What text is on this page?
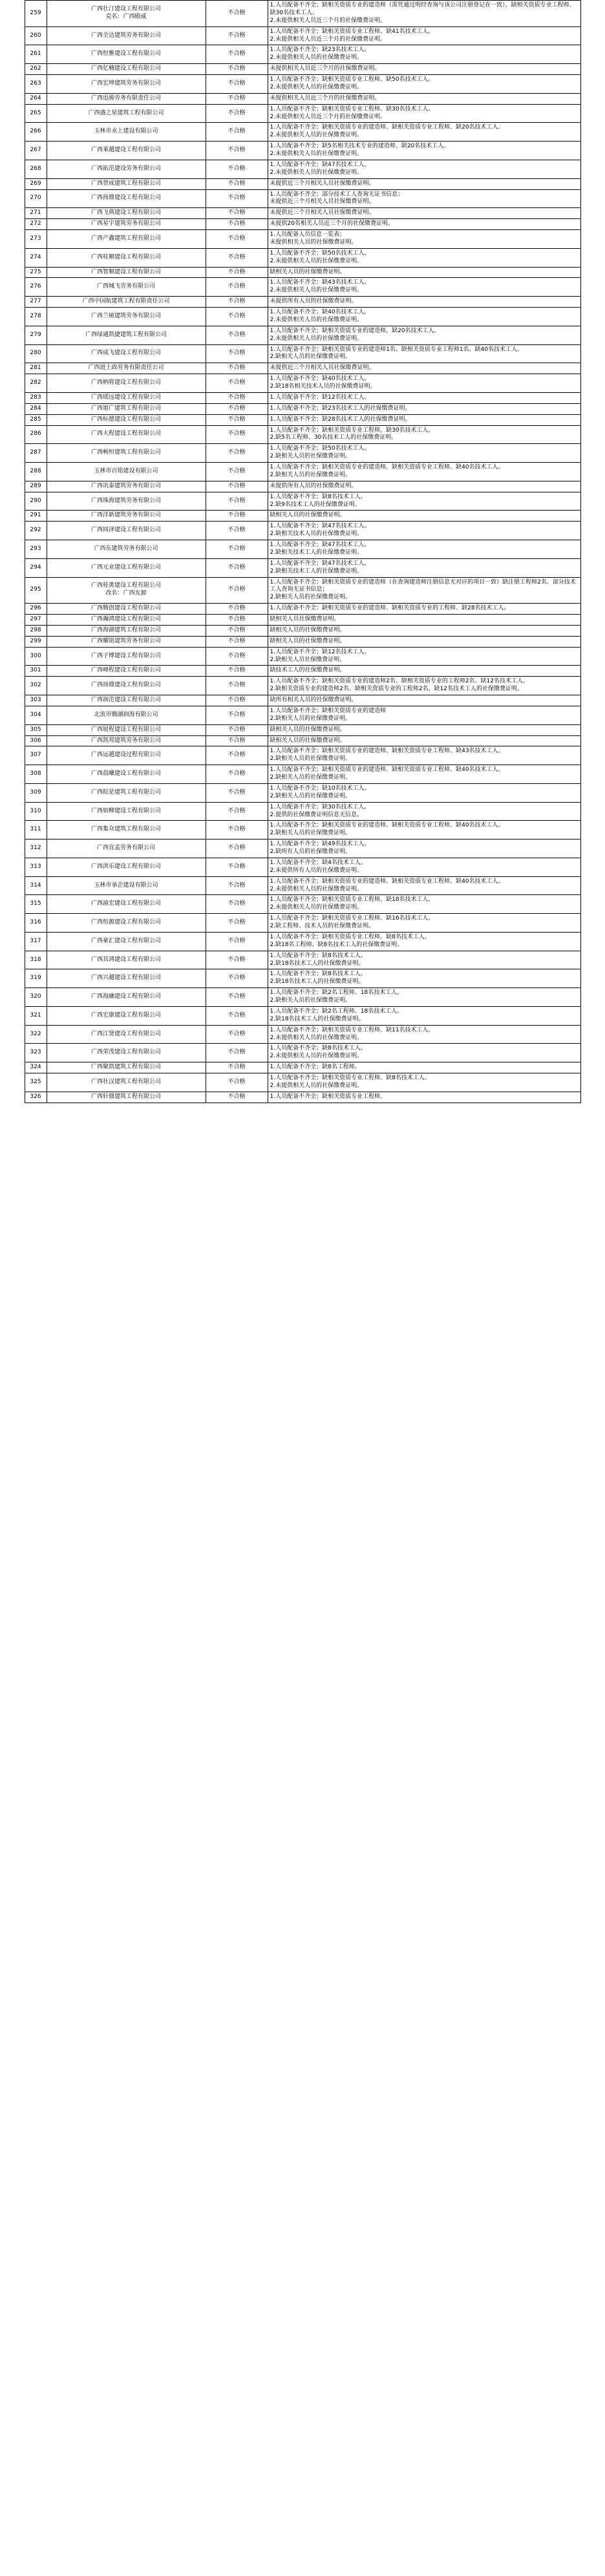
259	广西壮汀建设工程有限公司
克名：广西殿威	不合格	1.人员配备不齐全；缺相关资质专业的建造师（需凭通过明经查询与该公司注册登记在一致）、缺相关资质专业工程师、缺30名技术工人。
2.未提供相关人员近三个月的社保缴费证明。

260	广西全达建筑劳务有限公司	不合格	1.人员配备不齐全；缺相关资质专业工程师、缺41名技术工人。
2.未提供相关人员近三个月的社保缴费证明。

261	广西恒雅建设工程有限公司	不合格	1.人员配备不齐全；缺23名技术工人。
2.未提供相关人员的社保缴费证明。

262	广西忆楠建设工程有限公司	不合格	未提供相关人员近三个月的社保缴费证明。

263	广西宏坤建筑劳务有限公司	不合格	1.人员配备不齐全；缺相关资质专业工程师、缺50名技术工人。
2.未提供相关人员的社保缴费证明。

264	广西迅骏劳务有限责任公司	不合格	未提供相关人员近三个月的社保缴费证明。

265	广西盛之星建筑工程有限公司	不合格	1.人员配备不齐全；缺相关资质专业工程师、缺30名技术工人。
2.未提供相关人员近三个月的社保缴费证明。

266	玉林市永上建设有限公司	不合格	1.人员配备不齐全；缺相关资质专业的建造师、缺相关资质专业工程师、缺20名技术工人。
2.未提供相关人员的社保缴费证明。

267	广西莱越建设工程有限公司	不合格	1.人员配备不齐全；缺5名相关技术专业的建造师、缺20名技术工人。
2.未提供相关人员的社保缴费证明。

268	广西拓范建设劳务有限公司	不合格	1.人员配备不齐全；缺47名技术工人。
2.未提供相关人员的社保缴费证明。

269	广西贺成建筑工程有限公司	不合格	未提供近三个月相关人员社保缴费证明。

270	广西扬鼎建设工程有限公司	不合格	1.人员配备不齐全；部分技术工人查询无证书信息；
未提供近三个月相关人员社保缴费证明。

271	广西飞典建设工程有限公司	不合格	未提供近三个月相关人员社保缴费证明。

272	广西星宇建筑劳务有限公司	不合格	未提供20名相关人员近三个月的社保缴费证明。

273	广西产鑫建筑工程有限公司	不合格	1.人员配备人员信息一览表；
未提供相关人员的社保缴费证明。

274	广西桂顺建设工程有限公司	不合格	1.人员配备不齐全；缺50名技术工人。
2.未提供相关人员的社保缴费证明。

275	广西智顺建设工程有限公司	不合格	缺相关人员的社保缴费证明。

276	广西城飞劳务有限公司	不合格	1.人员配备不齐全；缺43名技术工人。
2.未提供相关人员的社保缴费证明。

277	广西中国航建筑工程有限责任公司	不合格	未提供所有人员的社保缴费证明。

278	广西兰硕建筑劳务有限公司	不合格	1.人员配备不齐全；缺40名技术工人。
2.未提供相关人员的社保缴费证明。

279	广西绿通凯捷建筑工程有限公司	不合格	1.人员配备不齐全；缺相关资质专业的建造师，缺20名技术工人。
2.未提供相关人员的社保缴费证明。

280	广西成飞建设工程有限公司	不合格	1.人员配备不齐全；缺相关资质专业的建造师1名、缺相关资质专业工程师1名、缺40名技术工人。
2.缺相关人员的社保缴费证明。

281	广西进上政劳务有限责任公司	不合格	未提供近三个月相关人员社保缴费证明。

282	广西柄将建设工程有限公司	不合格	1.人员配备不齐全；缺40名技术工人。
2.缺18名相关技术人员的社保缴费证明。

283	广西瑶远建设工程有限公司	不合格	1.人员配备不齐全；缺12名技术工人。

284	广西旭广建筑工程有限公司	不合格	1.人员配备不齐全；缺23名技术工人的社保缴费证明。

285	广西标德建设工程有限公司	不合格	1.人员配备不齐全；缺28名技术工人的社保缴费证明。

286	广西大程建设工程有限公司	不合格	1.人员配备不齐全；缺相关资质专业工程师，缺30名技术工人。
2.缺5名工程师、30名技术工人的社保缴费证明。

287	广西畅恒建筑工程有限公司	不合格	1.人员配备不齐全；缺50名技术工人。
2.缺相关人员的社保缴费证明。

288	玉林市百铭建设有限公司	不合格	1.人员配备不齐全；缺相关资质专业的建造师，缺相关资质专业工程师、缺40名技术工人。
2.缺相关人员的社保缴费证明。

289	广西讯泰建筑劳务有限公司	不合格	未提供所有人员的社保缴费证明。

290	广西珠海建筑劳务有限公司	不合格	1.人员配备不齐全；缺8名技术工人。
2.缺9名技术工人的社保缴费证明。

291	广西洋新建筑劳务有限公司	不合格	缺相关人员的社保缴费证明。

292	广西同泽建设工程有限公司	不合格	1.人员配备不齐全；缺47名技术工人。
2.缺相关技术人员的社保缴费证明。

293	广西东建筑劳务有限公司	不合格	1.人员配备不齐全；缺47名技术工人。
2.缺相关技术工人的社保缴费证明。

294	广西元业建设工程有限公司	不合格	1.人员配备不齐全；缺47名技术工人。
2.缺相关技术工人的社保缴费证明。

295	广西桂黄建设工程有限公司
改名：广西友源	不合格	1.人员配备不齐全；缺相关资质专业的建造师（在查询建造师注册信息无对应的项目一致）缺注册工程师2名、部分技术工人查询无证书信息；
2.缺相关人员的社保缴费证明。

296	广西腾创建设工程有限公司	不合格	1.人员配备不齐全；缺相关资质专业的建造师、缺相关资质专业的工程师、缺28名技术工人。

297	广西瀚鸿建设工程有限公司	不合格	缺相关人员社保缴费证明。

298	广西海湖建筑工程有限公司	不合格	缺相关人员的社保缴费证明。

299	广西耀铭建筑劳务有限公司	不合格	缺相关人员的社保缴费证明。

300	广西子博建设工程有限公司	不合格	1.人员配备不齐全；缺12名技术工人。
2.缺相关人员社保缴费证明。

301	广西峰程建设工程有限公司	不合格	缺技术工人的社保缴费证明。

302	广西扬鼎建设工程有限公司	不合格	1.人员配备不齐全；缺相关资质专业的建造师2名、缺相关资质专业的工程师2名、缺12名技术工人。
2.缺相关资质专业的建造师2名、缺相关资质专业的工程师2名、缺12名技术工人的社保缴费证明。

303	广西润范建设工程有限公司	不合格	缺所有相关人员的社保缴费证明。

304	北流市腾湖润海有限公司	不合格	1.人员配备不齐全；缺相关资质专业的建造师
2.缺相关人员的社保缴费证明。

305	广西展程建设工程有限公司	不合格	缺相关人员的社保缴费证明。

306	广西凯邦建筑劳务有限公司	不合格	缺相关人员的社保缴费证明。

307	广西运越建设过程有限公司	不合格	1.人员配备不齐全；缺相关资质专业的建造师、缺相关资质专业工程师、缺43名技术工人。
2.缺相关人员的社保缴费证明。

308	广西晨曦建设工程有限公司	不合格	1.人员配备不齐全；缺相关资质专业的建造师、缺相关资质专业工程师、缺40名技术工人。
2.缺相关人员的社保缴费证明。

309	广西皖是建筑工程有限公司	不合格	1.人员配备不齐全；缺10名技术工人。
2.缺相关人员的社保缴费证明。

310	广西如柳建设工程有限公司	不合格	1.人员配备不齐全；缺30名技术工人。
2.提供的社保缴费证明信息无信息。

311	广西集众建筑工程有限公司	不合格	1.人员配备不齐全；缺相关资质专业的建造师、缺相关资质专业工程师、缺40名技术工人。
2.缺相关人员的社保缴费证明。

312	广西宜孟劳务有限公司	不合格	1.人员配备不齐全；缺49名技术工人。
2.缺所有人员的社保缴费证明。

313	广西洪乐建设工程有限公司	不合格	1.人员配备不齐全；缺4名技术工人。
2.未提供所有人员的社保缴费证明。

314	玉林市承企建设有限公司	不合格	1.人员配备不齐全；缺相关资质专业的建造师、缺相关资质专业工程师、缺40名技术工人。
2.未提供相关人员的社保缴费证明。

315	广西渝宏建设工程有限公司	不合格	1.人员配备不齐全；缺相关资质专业工程师、缺18名技术工人。
2.未提供相关人员的社保缴费证明。

316	广西恒源建设工程有限公司	不合格	1.人员配备不齐全；缺相关资质专业工程师、缺16名技术工人。
2.缺工程师、技术人员的社保缴费证明。

317	广西豪汇建设工程有限公司	不合格	1.人员配备不齐全；缺相关资质专业工程师、缺8名技术工人。
2.缺18名工程师、缺8名技术工人的社保缴费证明。

318	广西其鸿建设工程有限公司	不合格	1.人员配备不齐全；缺8名技术工人。
2.缺18名技术工人的社保缴费证明。

319	广西兴越建设工程有限公司	不合格	1.人员配备不齐全；缺8名技术工人。
2.缺18名技术工人的社保缴费证明。

320	广西海融建设工程有限公司	不合格	1.人员配备不齐全；缺2名工程师、18名技术工人。
2.缺相关人员的社保缴费证明。

321	广西宏康建设工程有限公司	不合格	1.人员配备不齐全；缺2名工程师、18名技术工人。
2.缺18名技术工人的社保缴费证明。

322	广西江贤建设工程有限公司	不合格	1.人员配备不齐全；缺相关资质专业工程师、缺11名技术工人。
2.未提供相关人员的社保缴费证明。

323	广西荣茂建设工程有限公司	不合格	1.人员配备不齐全；缺8名技术工人。
2.未提供相关人员的社保缴费证明。

324	广西聚凯建筑工程有限公司	不合格	1.人员配备不齐全；缺8名工程师。

325	广西壮汉建筑工程有限公司	不合格	1.人员配备不齐全；缺相关资质专业工程师、缺8名技术工人。
2.未提供相关人员的社保缴费证明。

326	广西轩鼎建筑工程有限公司	不合格	1.人员配备不齐全；缺相关资质专业工程师、
